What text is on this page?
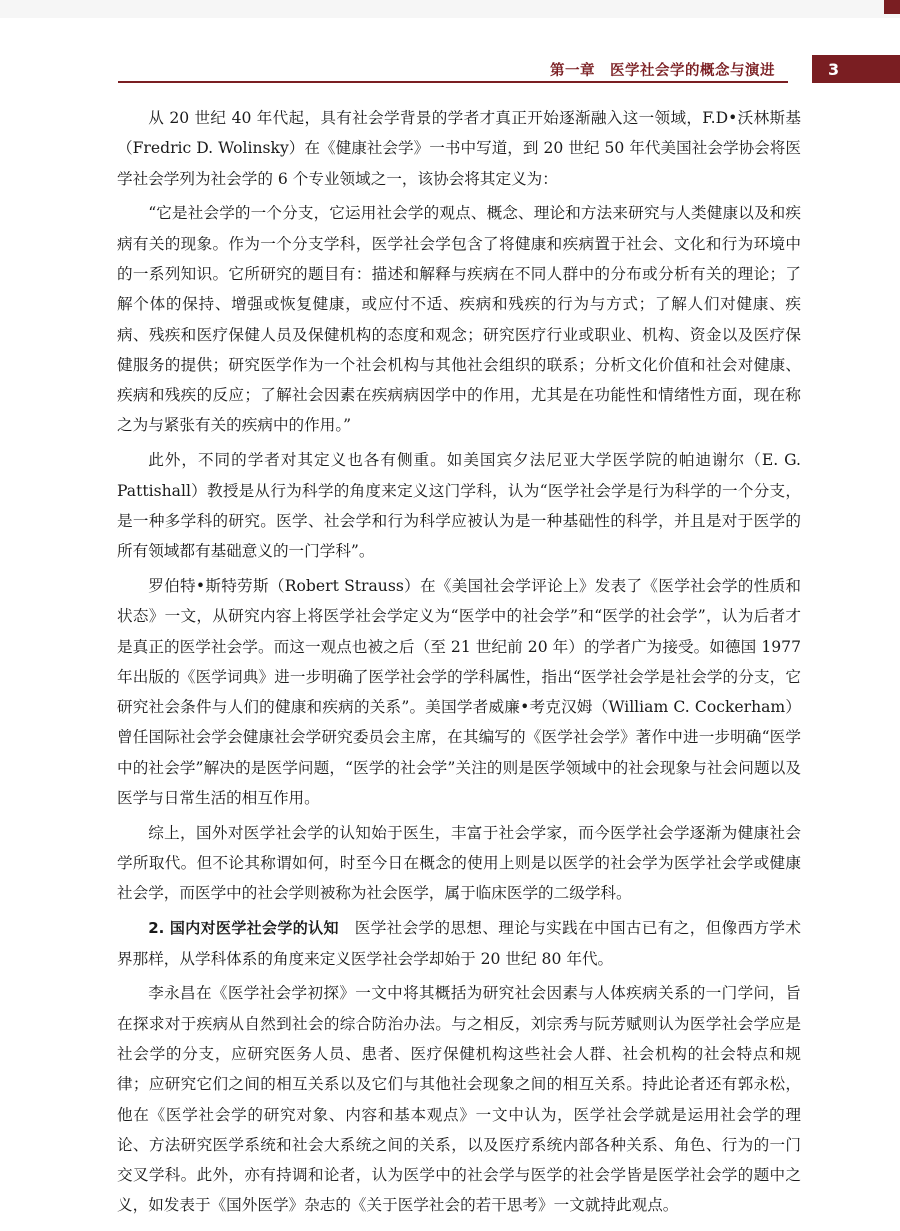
第一章　医学社会学的概念与演进	3

从 20 世纪 40 年代起，具有社会学背景的学者才真正开始逐渐融入这一领域，F.D•沃林斯基（Fredric D. Wolinsky）在《健康社会学》一书中写道，到 20 世纪 50 年代美国社会学协会将医学社会学列为社会学的 6 个专业领域之一，该协会将其定义为：

“它是社会学的一个分支，它运用社会学的观点、概念、理论和方法来研究与人类健康以及和疾病有关的现象。作为一个分支学科，医学社会学包含了将健康和疾病置于社会、文化和行为环境中的一系列知识。它所研究的题目有：描述和解释与疾病在不同人群中的分布或分析有关的理论；了解个体的保持、增强或恢复健康，或应付不适、疾病和残疾的行为与方式；了解人们对健康、疾病、残疾和医疗保健人员及保健机构的态度和观念；研究医疗行业或职业、机构、资金以及医疗保健服务的提供；研究医学作为一个社会机构与其他社会组织的联系；分析文化价值和社会对健康、疾病和残疾的反应；了解社会因素在疾病病因学中的作用，尤其是在功能性和情绪性方面，现在称之为与紧张有关的疾病中的作用。”

此外，不同的学者对其定义也各有侧重。如美国宾夕法尼亚大学医学院的帕迪谢尔（E. G. Pattishall）教授是从行为科学的角度来定义这门学科，认为“医学社会学是行为科学的一个分支，是一种多学科的研究。医学、社会学和行为科学应被认为是一种基础性的科学，并且是对于医学的所有领域都有基础意义的一门学科”。

罗伯特•斯特劳斯（Robert Strauss）在《美国社会学评论上》发表了《医学社会学的性质和状态》一文，从研究内容上将医学社会学定义为“医学中的社会学”和“医学的社会学”，认为后者才是真正的医学社会学。而这一观点也被之后（至 21 世纪前 20 年）的学者广为接受。如德国 1977 年出版的《医学词典》进一步明确了医学社会学的学科属性，指出“医学社会学是社会学的分支，它研究社会条件与人们的健康和疾病的关系”。美国学者威廉•考克汉姆（William C. Cockerham）曾任国际社会学会健康社会学研究委员会主席，在其编写的《医学社会学》著作中进一步明确“医学中的社会学”解决的是医学问题，“医学的社会学”关注的则是医学领域中的社会现象与社会问题以及医学与日常生活的相互作用。

综上，国外对医学社会学的认知始于医生，丰富于社会学家，而今医学社会学逐渐为健康社会学所取代。但不论其称谓如何，时至今日在概念的使用上则是以医学的社会学为医学社会学或健康社会学，而医学中的社会学则被称为社会医学，属于临床医学的二级学科。

2. 国内对医学社会学的认知　 医学社会学的思想、理论与实践在中国古已有之，但像西方学术界那样，从学科体系的角度来定义医学社会学却始于 20 世纪 80 年代。

李永昌在《医学社会学初探》一文中将其概括为研究社会因素与人体疾病关系的一门学问，旨在探求对于疾病从自然到社会的综合防治办法。与之相反，刘宗秀与阮芳赋则认为医学社会学应是社会学的分支，应研究医务人员、患者、医疗保健机构这些社会人群、社会机构的社会特点和规律；应研究它们之间的相互关系以及它们与其他社会现象之间的相互关系。持此论者还有郭永松，他在《医学社会学的研究对象、内容和基本观点》一文中认为，医学社会学就是运用社会学的理论、方法研究医学系统和社会大系统之间的关系，以及医疗系统内部各种关系、角色、行为的一门交叉学科。此外，亦有持调和论者，认为医学中的社会学与医学的社会学皆是医学社会学的题中之义，如发表于《国外医学》杂志的《关于医学社会的若干思考》一文就持此观点。
